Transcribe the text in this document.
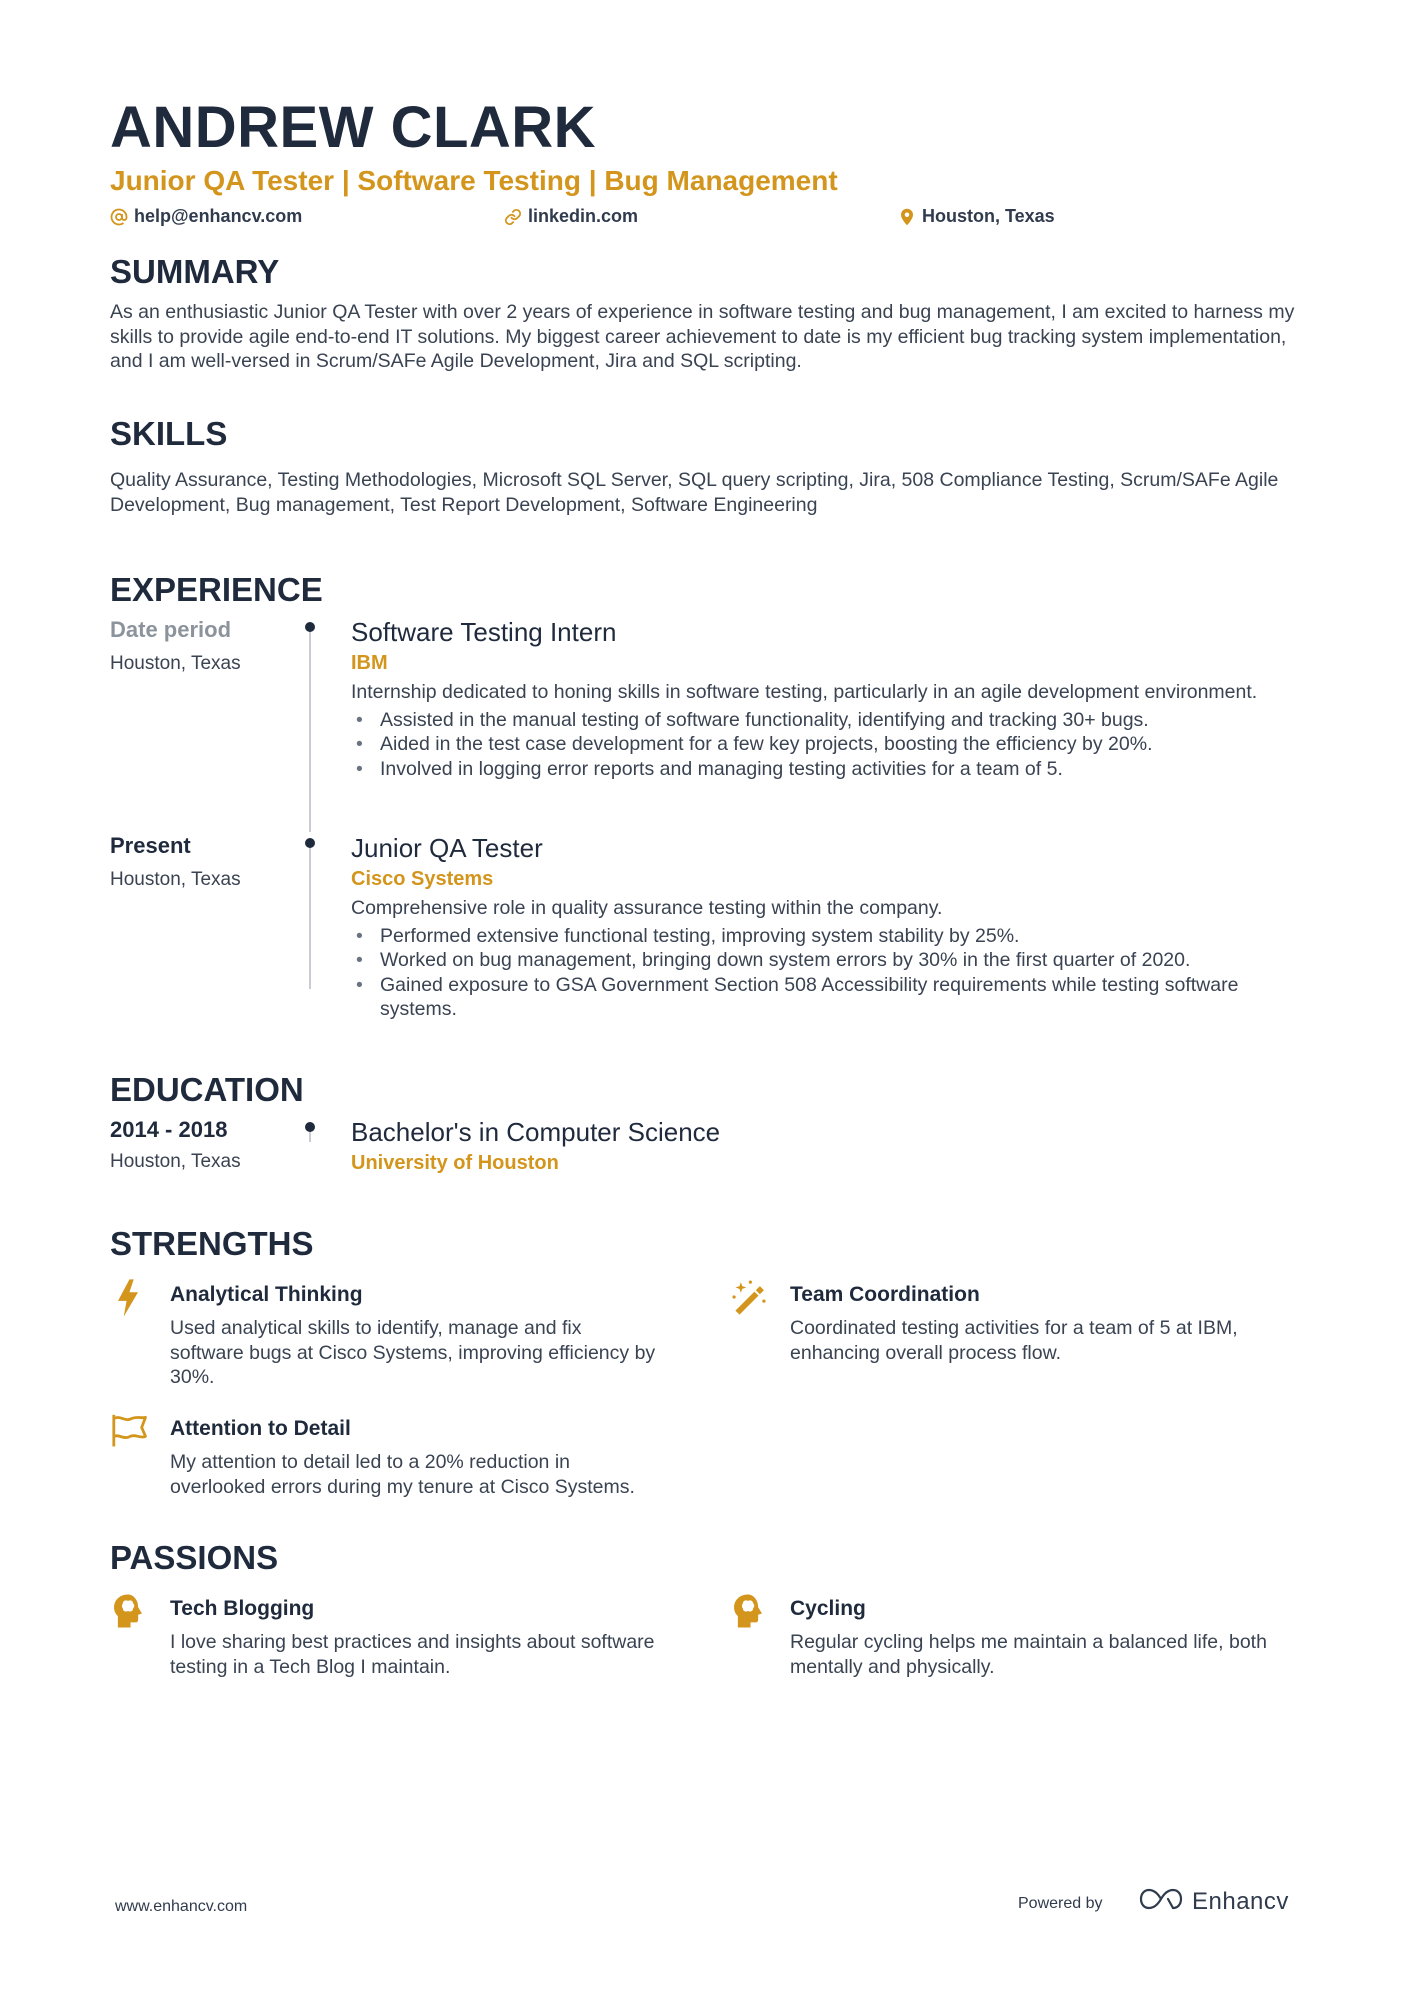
ANDREW CLARK
Junior QA Tester | Software Testing | Bug Management
help@enhancv.com	linkedin.com	Houston, Texas
SUMMARY
As an enthusiastic Junior QA Tester with over 2 years of experience in software testing and bug management, I am excited to harness my skills to provide agile end-to-end IT solutions. My biggest career achievement to date is my efficient bug tracking system implementation, and I am well-versed in Scrum/SAFe Agile Development, Jira and SQL scripting.
SKILLS
Quality Assurance, Testing Methodologies, Microsoft SQL Server, SQL query scripting, Jira, 508 Compliance Testing, Scrum/SAFe Agile Development, Bug management, Test Report Development, Software Engineering
EXPERIENCE
Date period
Houston, Texas
Software Testing Intern
IBM
Internship dedicated to honing skills in software testing, particularly in an agile development environment.
• Assisted in the manual testing of software functionality, identifying and tracking 30+ bugs.
• Aided in the test case development for a few key projects, boosting the efficiency by 20%.
• Involved in logging error reports and managing testing activities for a team of 5.
Present
Houston, Texas
Junior QA Tester
Cisco Systems
Comprehensive role in quality assurance testing within the company.
• Performed extensive functional testing, improving system stability by 25%.
• Worked on bug management, bringing down system errors by 30% in the first quarter of 2020.
• Gained exposure to GSA Government Section 508 Accessibility requirements while testing software systems.
EDUCATION
2014 - 2018
Houston, Texas
Bachelor's in Computer Science
University of Houston
STRENGTHS
Analytical Thinking
Used analytical skills to identify, manage and fix software bugs at Cisco Systems, improving efficiency by 30%.
Team Coordination
Coordinated testing activities for a team of 5 at IBM, enhancing overall process flow.
Attention to Detail
My attention to detail led to a 20% reduction in overlooked errors during my tenure at Cisco Systems.
PASSIONS
Tech Blogging
I love sharing best practices and insights about software testing in a Tech Blog I maintain.
Cycling
Regular cycling helps me maintain a balanced life, both mentally and physically.
www.enhancv.com	Powered by	Enhancv
